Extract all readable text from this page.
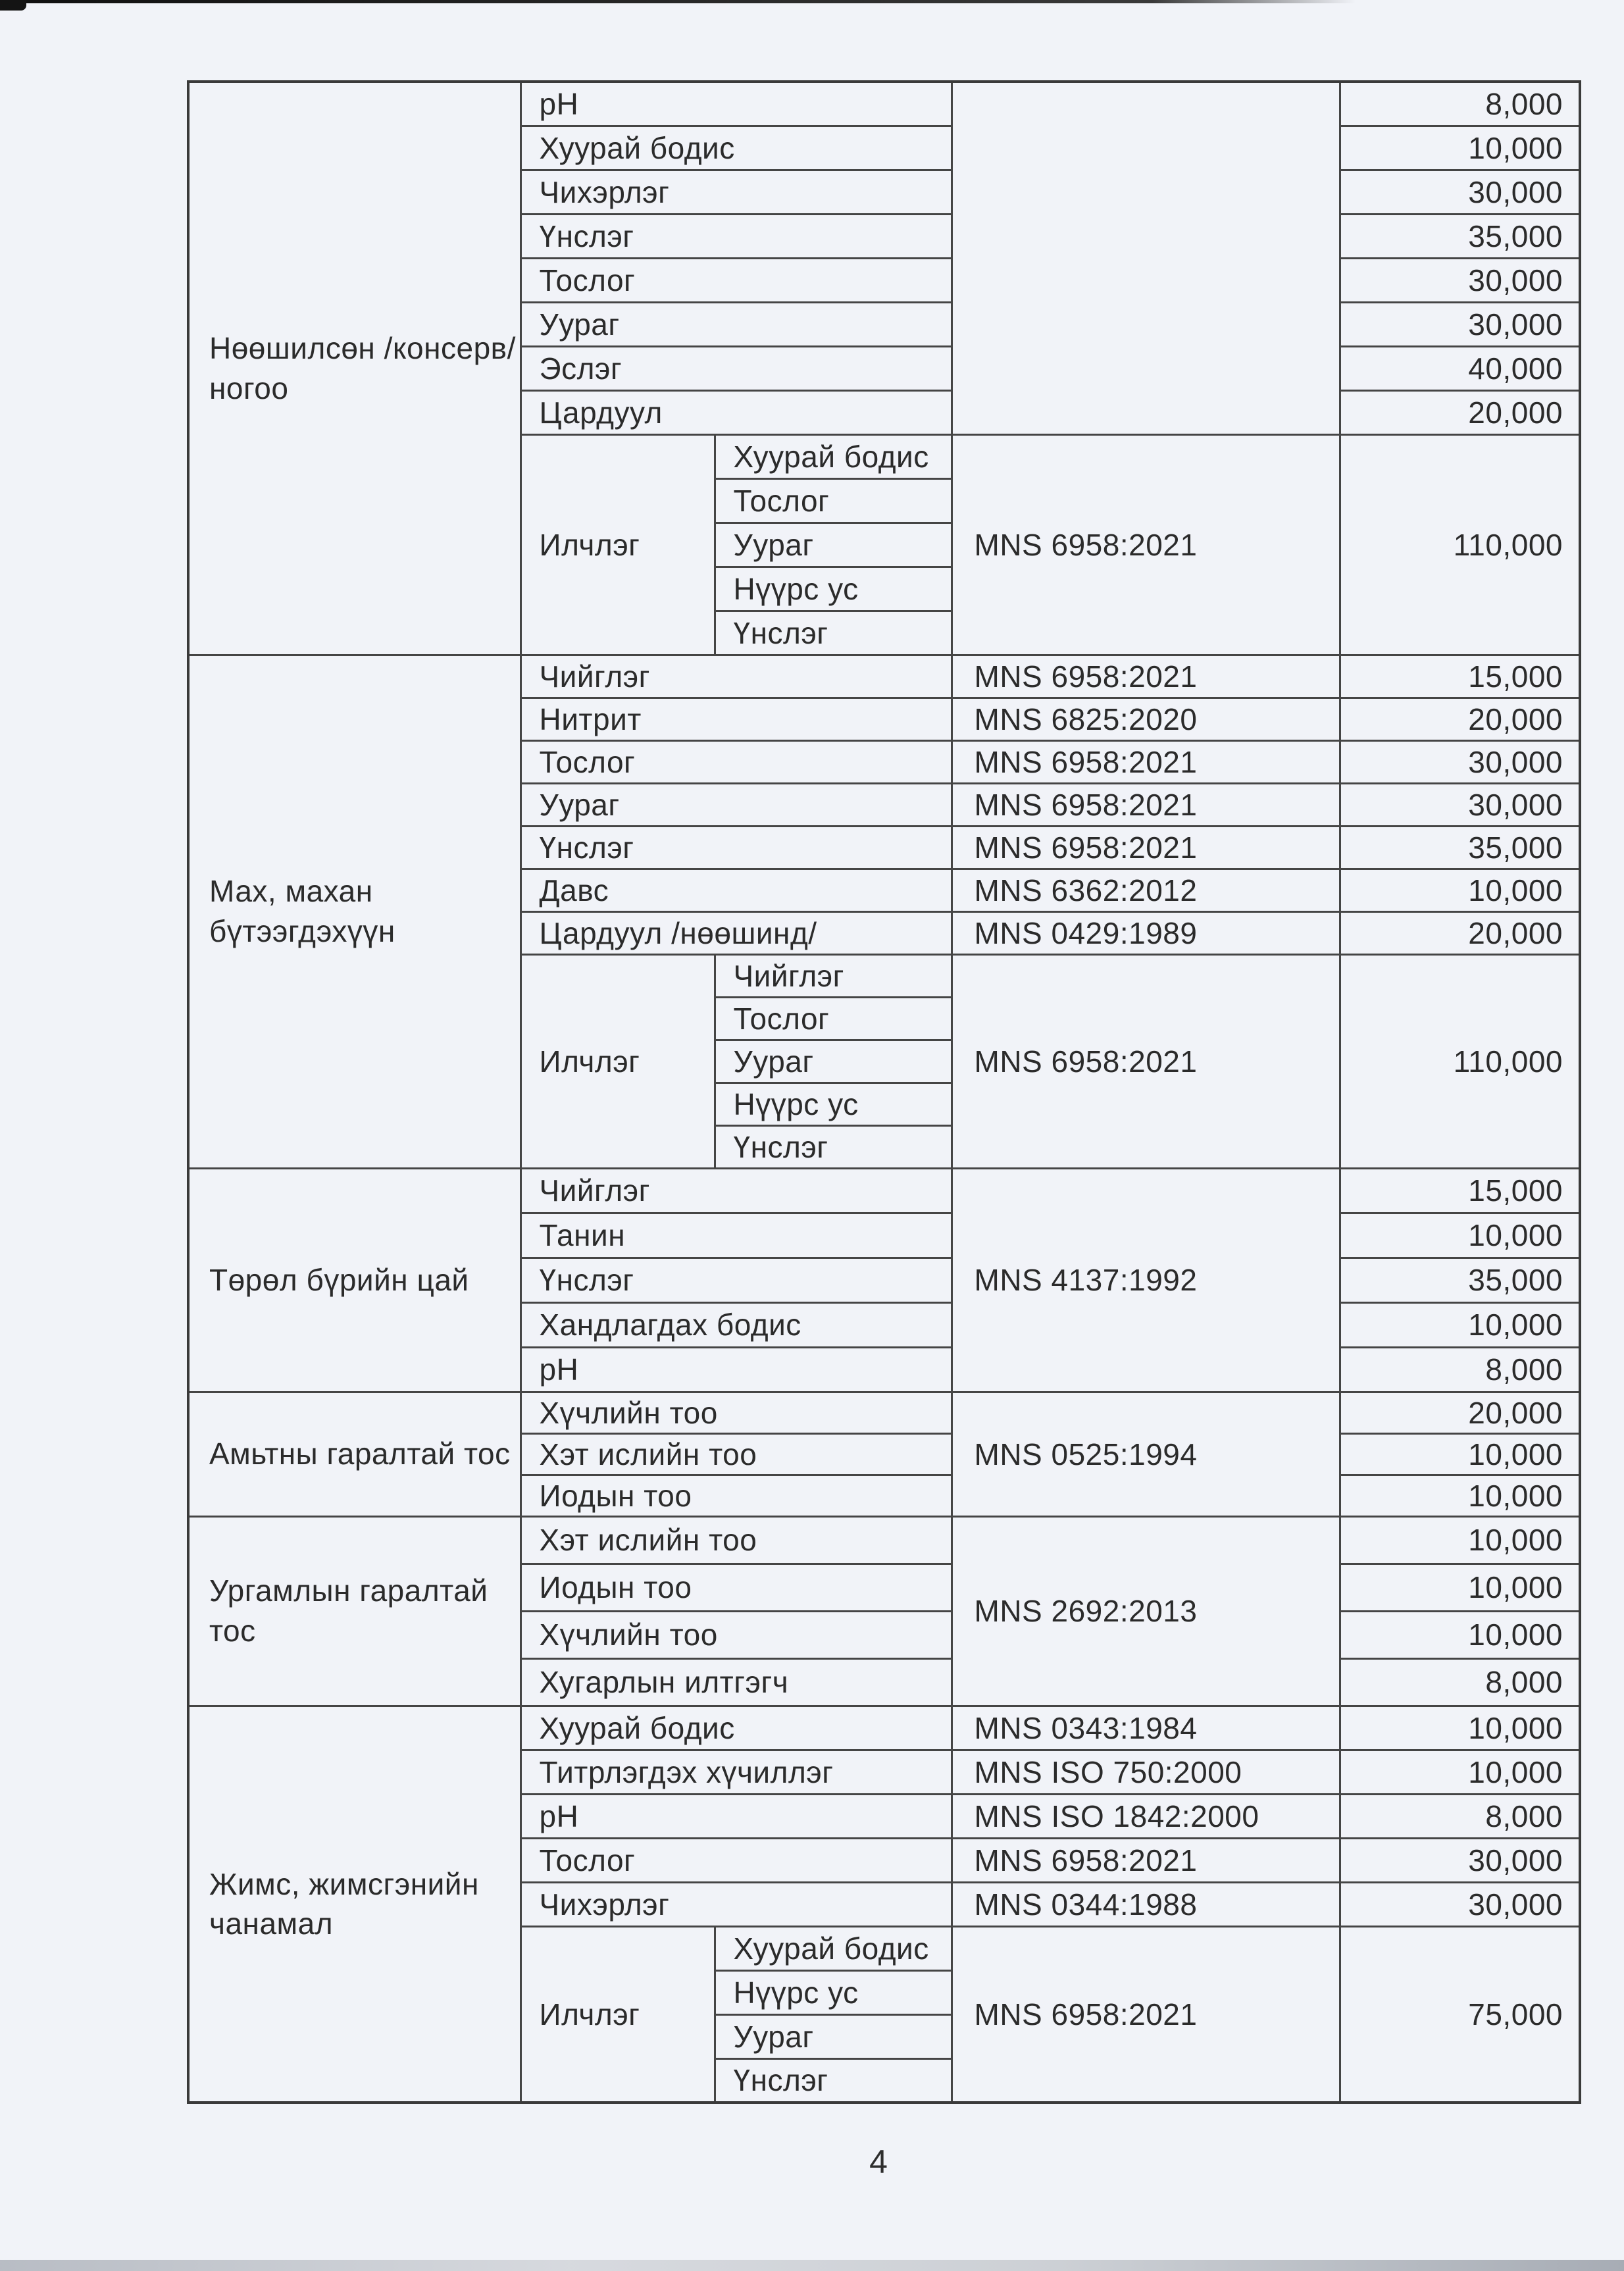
Нөөшилсөн /консерв/ ногоо	pH			8,000
	Хуурай бодис			10,000
	Чихэрлэг			30,000
	Үнслэг			35,000
	Тослог			30,000
	Уураг			30,000
	Эслэг			40,000
	Цардуул			20,000
	Илчлэг	Хуурай бодис	MNS 6958:2021	110,000
		Тослог		
		Уураг		
		Нүүрс ус		
		Үнслэг		
Мах, махан бүтээгдэхүүн	Чийглэг		MNS 6958:2021	15,000
	Нитрит		MNS 6825:2020	20,000
	Тослог		MNS 6958:2021	30,000
	Уураг		MNS 6958:2021	30,000
	Үнслэг		MNS 6958:2021	35,000
	Давс		MNS 6362:2012	10,000
	Цардуул /нөөшинд/		MNS 0429:1989	20,000
	Илчлэг	Чийглэг	MNS 6958:2021	110,000
		Тослог		
		Уураг		
		Нүүрс ус		
		Үнслэг		
Төрөл бүрийн цай	Чийглэг		MNS 4137:1992	15,000
	Танин			10,000
	Үнслэг			35,000
	Хандлагдах бодис			10,000
	pH			8,000
Амьтны гаралтай тос	Хүчлийн тоо		MNS 0525:1994	20,000
	Хэт ислийн тоо			10,000
	Иодын тоо			10,000
Ургамлын гаралтай тос	Хэт ислийн тоо		MNS 2692:2013	10,000
	Иодын тоо			10,000
	Хүчлийн тоо			10,000
	Хугарлын илтгэгч			8,000
Жимс, жимсгэнийн чанамал	Хуурай бодис		MNS 0343:1984	10,000
	Титрлэгдэх хүчиллэг		MNS ISO 750:2000	10,000
	pH		MNS ISO 1842:2000	8,000
	Тослог		MNS 6958:2021	30,000
	Чихэрлэг		MNS 0344:1988	30,000
	Илчлэг	Хуурай бодис	MNS 6958:2021	75,000
		Нүүрс ус		
		Уураг		
		Үнслэг		
4
